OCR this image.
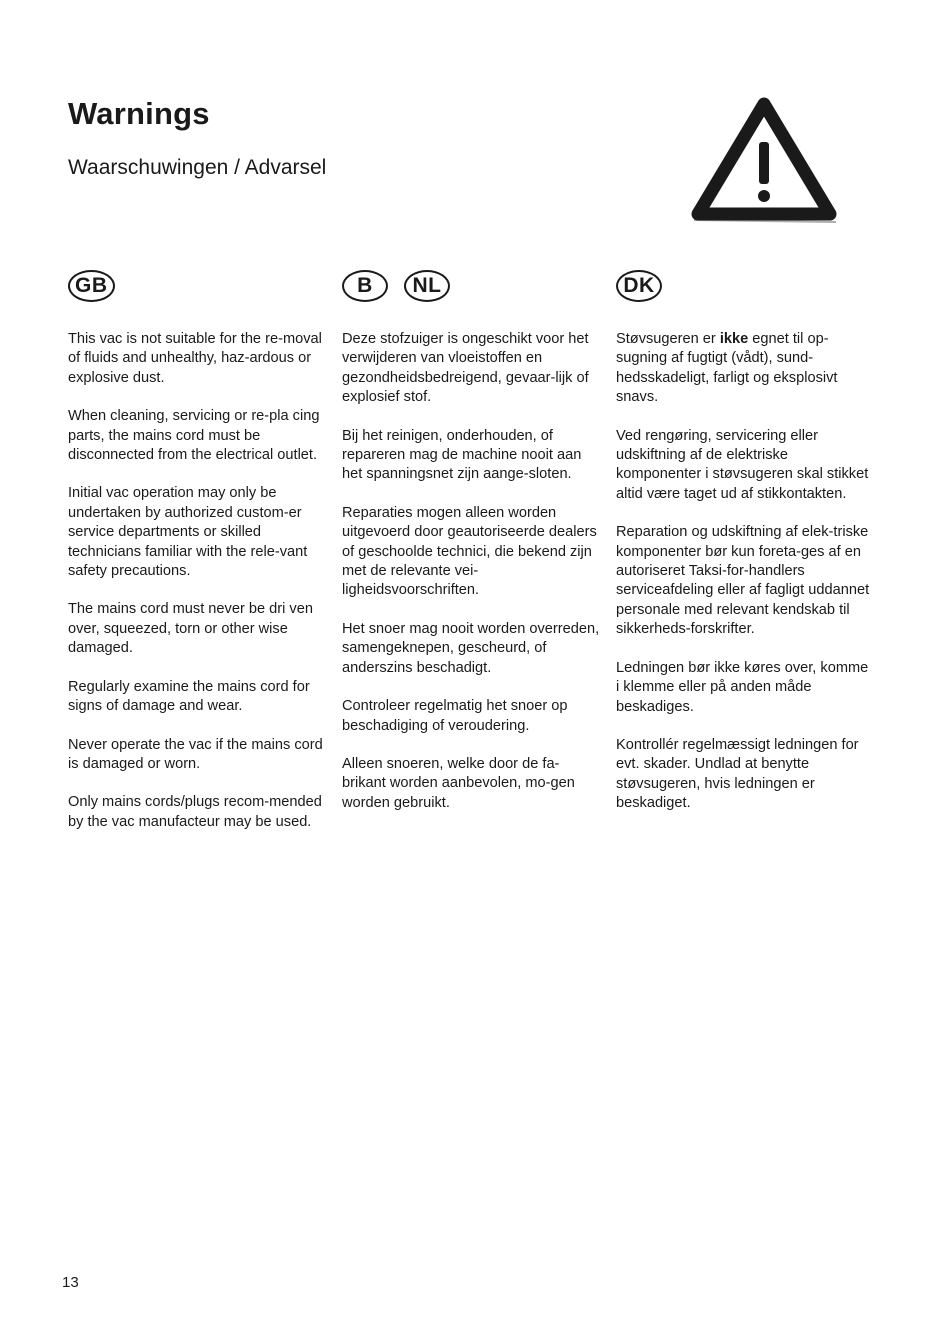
Warnings
Waarschuwingen / Advarsel
GB

This vac is not suitable for the re-moval of fluids and unhealthy, haz-ardous or explosive dust.

When cleaning, servicing or re-pla cing parts, the mains cord must be disconnected from the electrical outlet.

Initial vac operation may only be undertaken by authorized custom-er service departments or skilled technicians familiar with the rele-vant safety precautions.

The mains cord must never be dri ven over, squeezed, torn or other wise damaged.

Regularly examine the mains cord for signs of damage and wear.

Never operate the vac if the mains cord is damaged or worn.

Only mains cords/plugs recom-mended by the vac manufacteur may be used.

B	NL

Deze stofzuiger is ongeschikt voor het verwijderen van vloeistoffen en gezondheidsbedreigend, gevaar-lijk of explosief stof.

Bij het reinigen, onderhouden, of repareren mag de machine nooit aan het spanningsnet zijn aange-sloten.

Reparaties mogen alleen worden uitgevoerd door geautoriseerde dealers of geschoolde technici, die bekend zijn met de relevante vei-ligheidsvoorschriften.

Het snoer mag nooit worden overreden, samengeknepen, gescheurd, of anderszins beschadigt.

Controleer regelmatig het snoer op beschadiging of veroudering.

Alleen snoeren, welke door de fa-brikant worden aanbevolen, mo-gen worden gebruikt.

DK

Støvsugeren er ikke egnet til op-sugning af fugtigt (vådt), sund-hedsskadeligt, farligt og eksplosivt snavs.

Ved rengøring, servicering eller udskiftning af de elektriske komponenter i støvsugeren skal stikket altid være taget ud af stikkontakten.

Reparation og udskiftning af elek-triske komponenter bør kun foreta-ges af en autoriseret Taksi-for-handlers serviceafdeling eller af fagligt uddannet personale med relevant kendskab til sikkerheds-forskrifter.

Ledningen bør ikke køres over, komme i klemme eller på anden måde beskadiges.

Kontrollér regelmæssigt ledningen for evt. skader. Undlad at benytte støvsugeren, hvis ledningen er beskadiget.

13
